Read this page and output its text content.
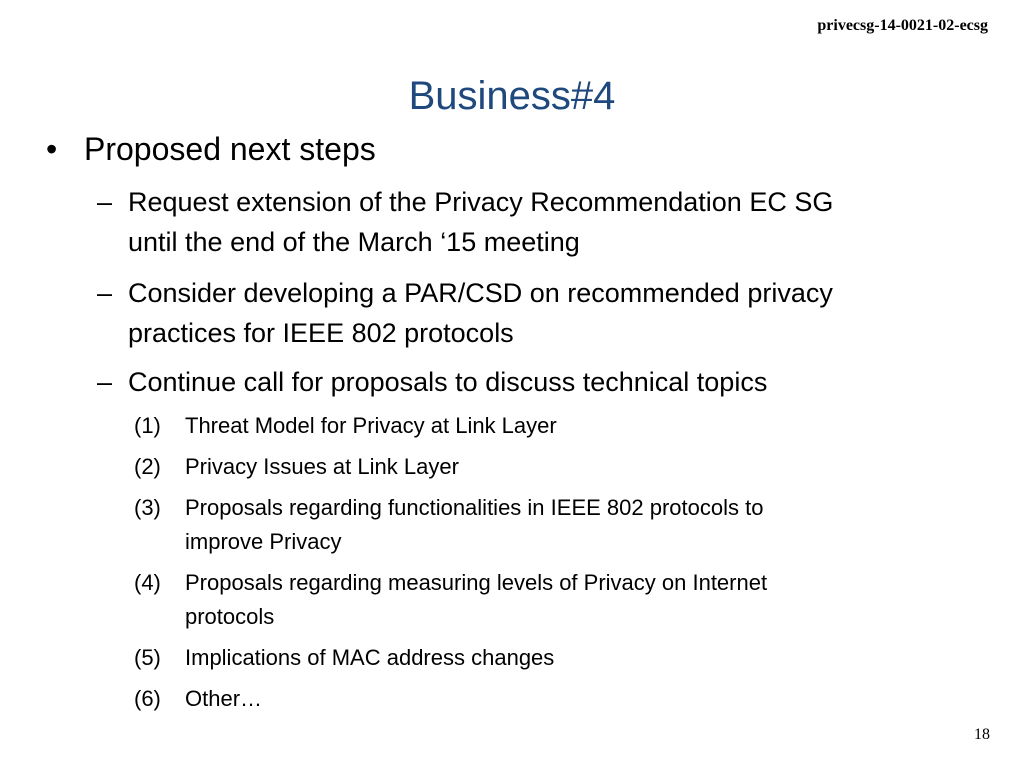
privecsg-14-0021-02-ecsg
Business#4
• Proposed next steps
– Request extension of the Privacy Recommendation EC SG
until the end of the March ‘15 meeting
– Consider developing a PAR/CSD on recommended privacy
practices for IEEE 802 protocols
– Continue call for proposals to discuss technical topics
(1)	Threat Model for Privacy at Link Layer
(2)	Privacy Issues at Link Layer
(3)	Proposals regarding functionalities in IEEE 802 protocols to
improve Privacy
(4)	Proposals regarding measuring levels of Privacy on Internet
protocols
(5)	Implications of MAC address changes
(6)	Other…
18
